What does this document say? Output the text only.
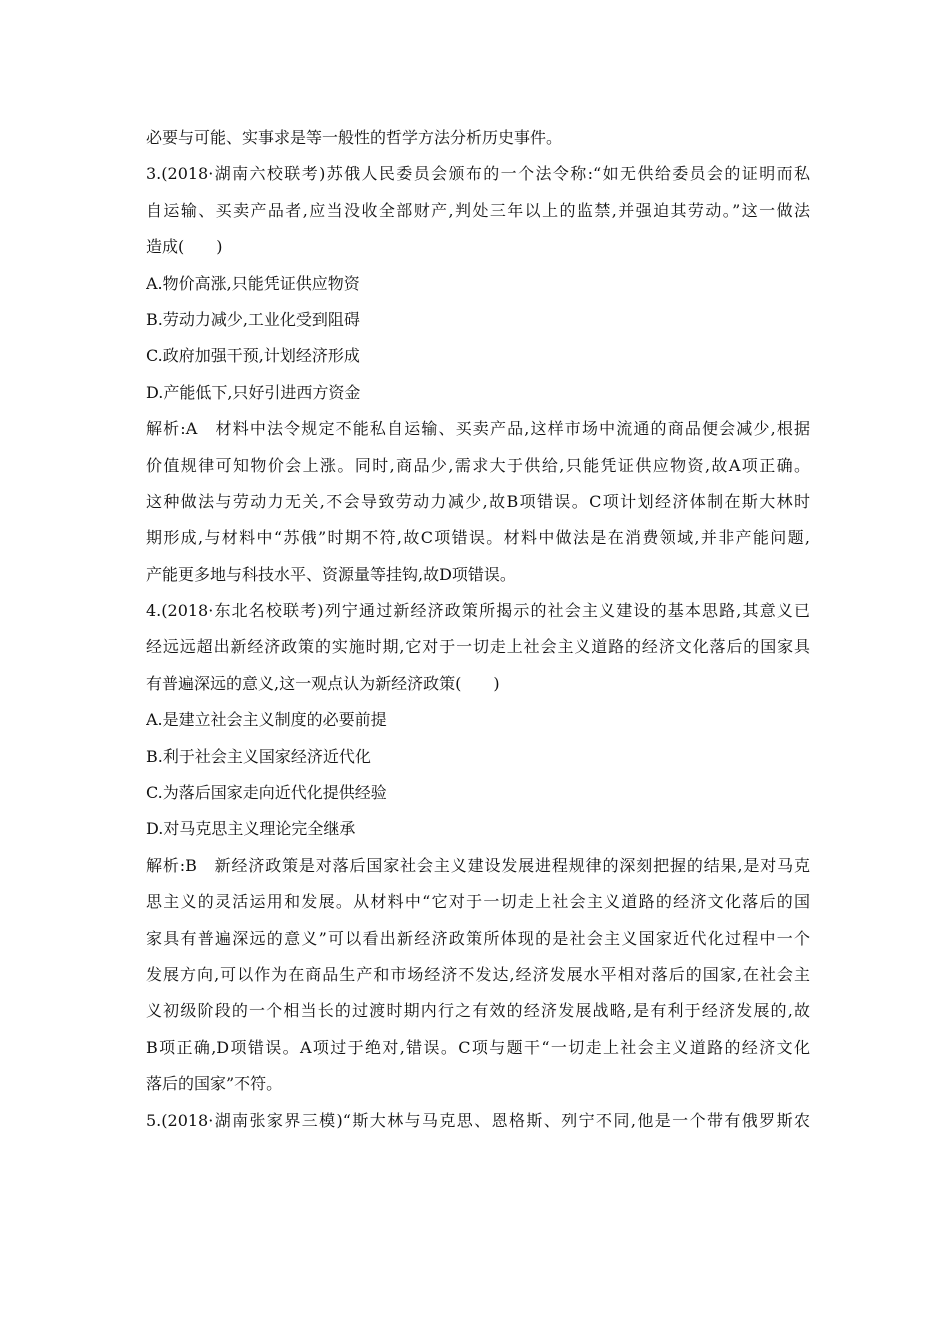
必要与可能、实事求是等一般性的哲学方法分析历史事件。
3.(2018·湖南六校联考)苏俄人民委员会颁布的一个法令称:“如无供给委员会的证明而私
自运输、买卖产品者,应当没收全部财产,判处三年以上的监禁,并强迫其劳动。”这一做法
造成(　　)
A.物价高涨,只能凭证供应物资
B.劳动力减少,工业化受到阻碍
C.政府加强干预,计划经济形成
D.产能低下,只好引进西方资金
解析:A　材料中法令规定不能私自运输、买卖产品,这样市场中流通的商品便会减少,根据
价值规律可知物价会上涨。同时,商品少,需求大于供给,只能凭证供应物资,故A项正确。
这种做法与劳动力无关,不会导致劳动力减少,故B项错误。C项计划经济体制在斯大林时
期形成,与材料中“苏俄”时期不符,故C项错误。材料中做法是在消费领域,并非产能问题,
产能更多地与科技水平、资源量等挂钩,故D项错误。
4.(2018·东北名校联考)列宁通过新经济政策所揭示的社会主义建设的基本思路,其意义已
经远远超出新经济政策的实施时期,它对于一切走上社会主义道路的经济文化落后的国家具
有普遍深远的意义,这一观点认为新经济政策(　　)
A.是建立社会主义制度的必要前提
B.利于社会主义国家经济近代化
C.为落后国家走向近代化提供经验
D.对马克思主义理论完全继承
解析:B　新经济政策是对落后国家社会主义建设发展进程规律的深刻把握的结果,是对马克
思主义的灵活运用和发展。从材料中“它对于一切走上社会主义道路的经济文化落后的国
家具有普遍深远的意义”可以看出新经济政策所体现的是社会主义国家近代化过程中一个
发展方向,可以作为在商品生产和市场经济不发达,经济发展水平相对落后的国家,在社会主
义初级阶段的一个相当长的过渡时期内行之有效的经济发展战略,是有利于经济发展的,故
B项正确,D项错误。A项过于绝对,错误。C项与题干“一切走上社会主义道路的经济文化
落后的国家”不符。
5.(2018·湖南张家界三模)“斯大林与马克思、恩格斯、列宁不同,他是一个带有俄罗斯农
